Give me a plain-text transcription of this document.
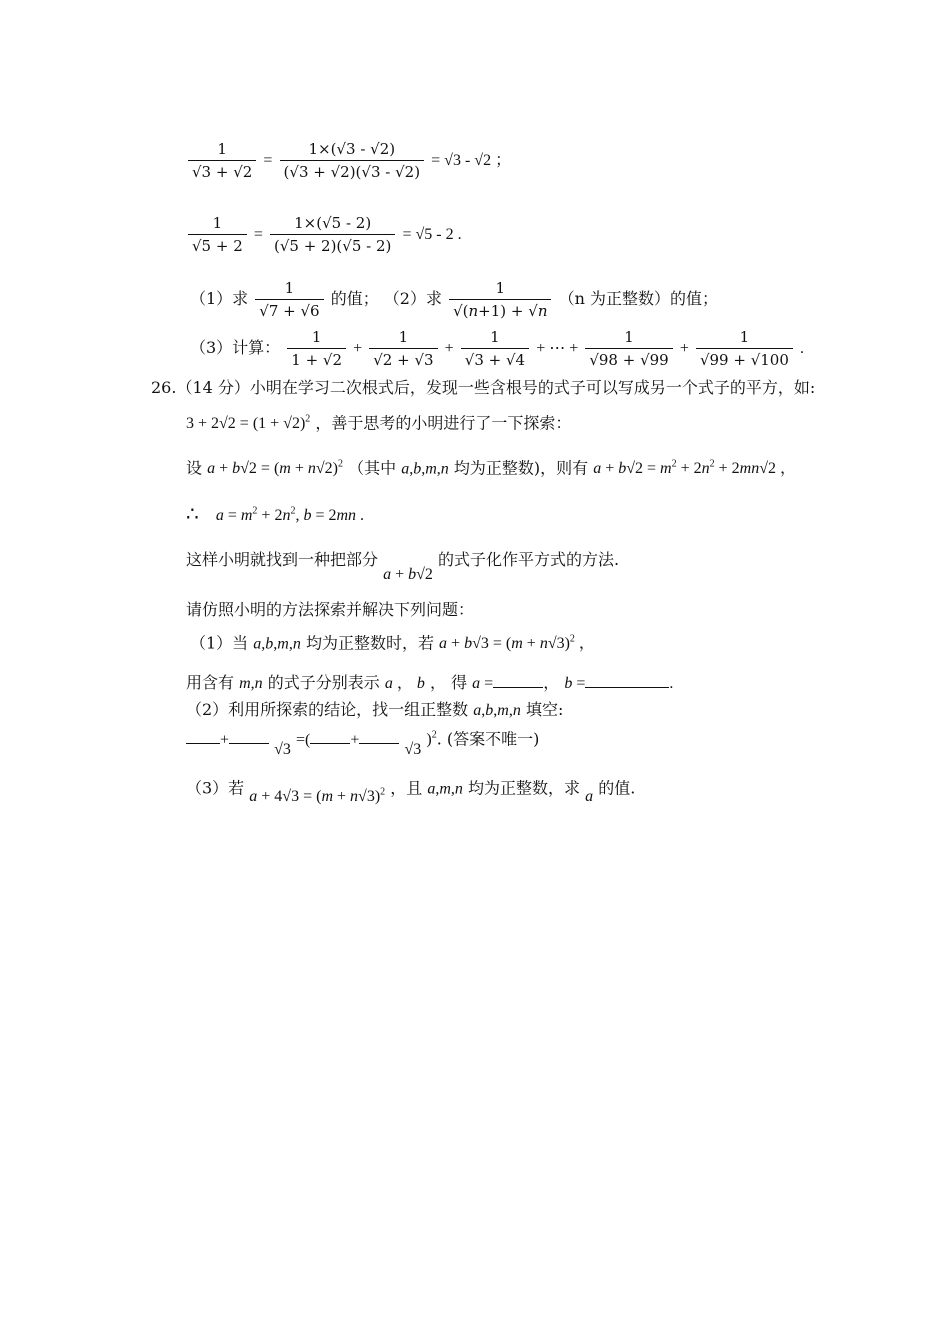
$\frac{1}{√3 + √2} = \frac{1\times(√3 - √2)}{(√3 + √2)(√3 - √2)} = √3 - √2$ ；
$\frac{1}{√5 + 2} = \frac{1\times(√5 - 2)}{(√5 + 2)(√5 - 2)} = √5 - 2$ .
（1）求 $\frac{1}{√7 + √6}$ 的值； （2）求 $\frac{1}{√(n+1) + √n} (n$ 为正整数）的值；
（3）计算： $\frac{1}{1 + √2} + \frac{1}{√2 + √3} + \frac{1}{√3 + √4}$ + ⋯ + $\frac{1}{√98 + √99} + \frac{1}{√99 + √100}$ .
26.（14 分）小明在学习二次根式后，发现一些含根号的式子可以写成另一个式子的平方，如:
$3 + 2√2 = (1 + √2)^2$ ，善于思考的小明进行了一下探索：
设 $a + b√2 = (m + n√2)^2$ （其中 a,b,m,n 均为正整数)，则有 $a + b√2 = m^2 + 2n^2 + 2mn√2$ ，
∴ $a = m^2 + 2n^2$, b = 2mn .
这样小明就找到一种把部分 a + b√2 的式子化作平方式的方法.
请仿照小明的方法探索并解决下列问题：
（1）当 a,b,m,n 均为正整数时，若 $a + b√3 = (m + n√3)^2$ ，
用含有 m,n 的式子分别表示 a ， b ， 得 a =	， b =	.
（2）利用所探索的结论，找一组正整数 a,b,m,n 填空:
+ √3 =(	+ √3 )$^2$. (答案不唯一)
（3）若 $a + 4√3 = (m + n√3)^2$ ，且 a,m,n 均为正整数，求 a 的值.
